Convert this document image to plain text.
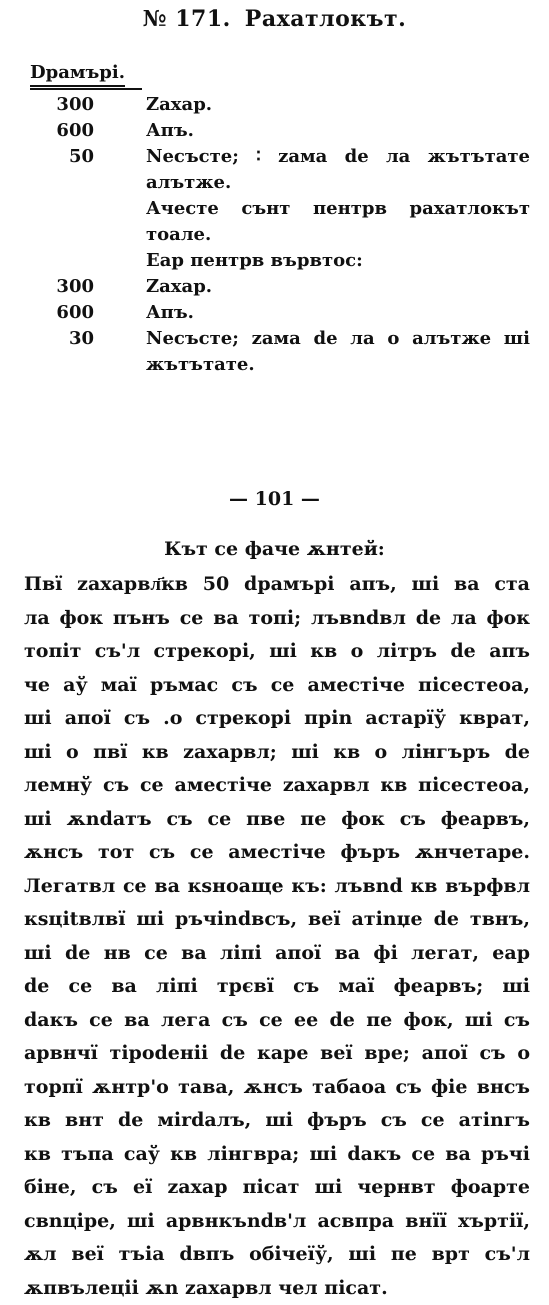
№ 171. Рахатлокът.
Dрамърі.
300	Zахар.
600	Апъ.
50	Nесъсте; ∶ zама de ла жътътате
алътже.
Ачесте сънт пентрв рахатлокът
тоале.
Еар пентрв вървтос:
300	Zахар.
600	Апъ.
30	Nесъсте; zама de ла о алътже ші
жътътате.
— 101 —
Кът се фаче ѫнтей:
Пвї zахарвл҃кв 50 dрамърі апъ, ші ва ста
ла фок пънъ се ва топі; лъвndвл de ла фок
топіт съ'л стрекорі, ші кв о літръ de апъ
че аў маї ръмас съ се аместіче пісестеоа,
ші апої съ .о стрекорі пріn астарїў кврат,
ші о пвї кв zахарвл; ші кв о лінгъръ de
лемнў съ се аместіче zахарвл кв пісестеоа,
ші ѫndатъ съ се пве пе фок съ феарвъ,
ѫнсъ тот съ се аместіче фъръ ѫнчетаре.
Легатвл се ва кsноаще къ: лъвnd кв върфвл
кsціtвлвї ші ръчіndвсъ, веї атіnџе de твнъ,
ші de нв се ва ліпі апої ва фі легат, еар
de се ва ліпі трєвї съ маї феарвъ; ші
dакъ се ва лега съ се ее de пе фок, ші съ
арвнчї тіроdеніі de каре веї вре; апої съ о
торпї ѫнтр'о тава, ѫнсъ табаоа съ фіе внсъ
кв внт de міrdалъ, ші фъръ съ се атіnгъ
кв тъпа саў кв лінгвра; ші dакъ се ва ръчі
біне, съ еї zахар пісат ші чернвт фоарте
свnціре, ші арвнкъndв'л асвпра внїї хъртії,
ѫл веї тъіа dвпъ обічеїў, ші пе врт съ'л
ѫпвълеціі ѫn zахарвл чел пісат.
